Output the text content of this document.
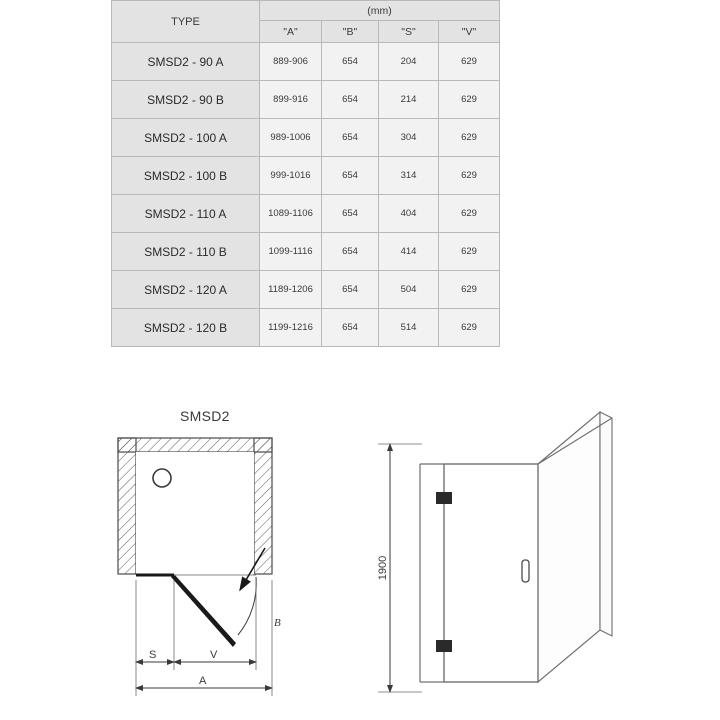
TYPE	(mm)			
	"A"	"B"	"S"	"V"
SMSD2 - 90 A	889-906	654	204	629
SMSD2 - 90 B	899-916	654	214	629
SMSD2 - 100 A	989-1006	654	304	629
SMSD2 - 100 B	999-1016	654	314	629
SMSD2 - 110 A	1089-1106	654	404	629
SMSD2 - 110 B	1099-1116	654	414	629
SMSD2 - 120 A	1189-1206	654	504	629
SMSD2 - 120 B	1199-1216	654	514	629
SMSD2
B
S	V
A
1900
